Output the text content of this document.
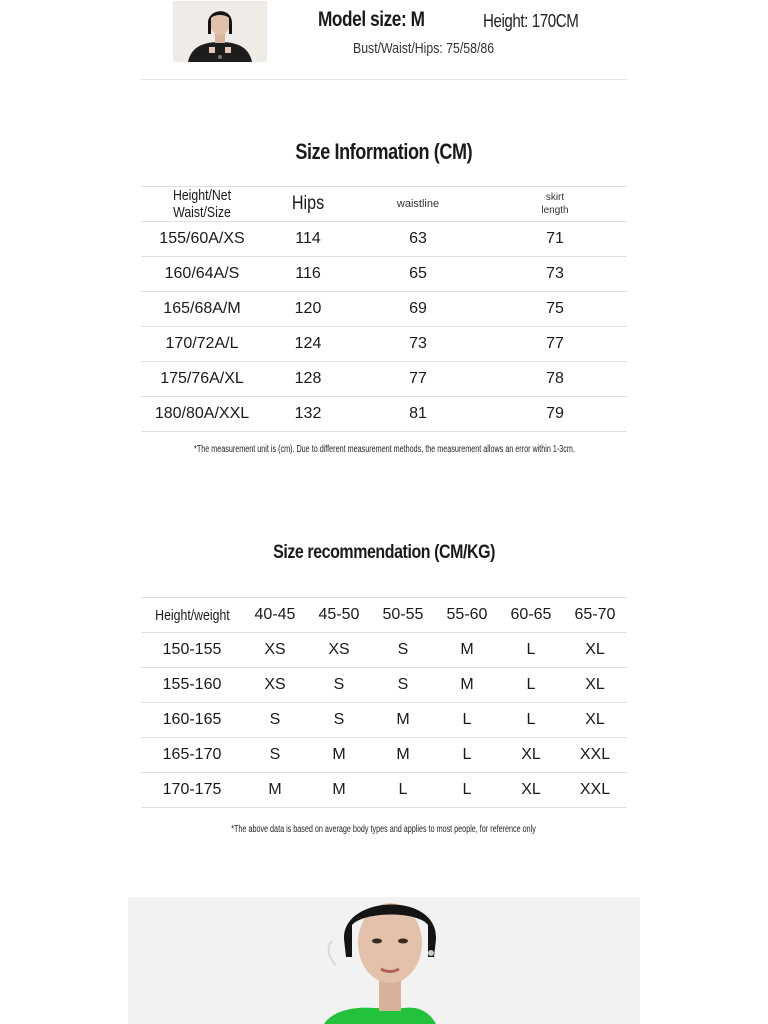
Model size: M	Height: 170CM
Bust/Waist/Hips: 75/58/86
Size Information (CM)
Height/Net Waist/Size	Hips	waistline	skirt
length

155/60A/XS	114	63	71
160/64A/S	116	65	73
165/68A/M	120	69	75
170/72A/L	124	73	77
175/76A/XL	128	77	78
180/80A/XXL	132	81	79
*The measurement unit is (cm). Due to different measurement methods, the measurement allows an error within 1-3cm.
Size recommendation (CM/KG)
Height/weight	40-45	45-50	50-55	55-60	60-65	65-70
150-155	XS	XS	S	M	L	XL
155-160	XS	S	S	M	L	XL
160-165	S	S	M	L	L	XL
165-170	S	M	M	L	XL	XXL
170-175	M	M	L	L	XL	XXL
*The above data is based on average body types and applies to most people, for reference only
